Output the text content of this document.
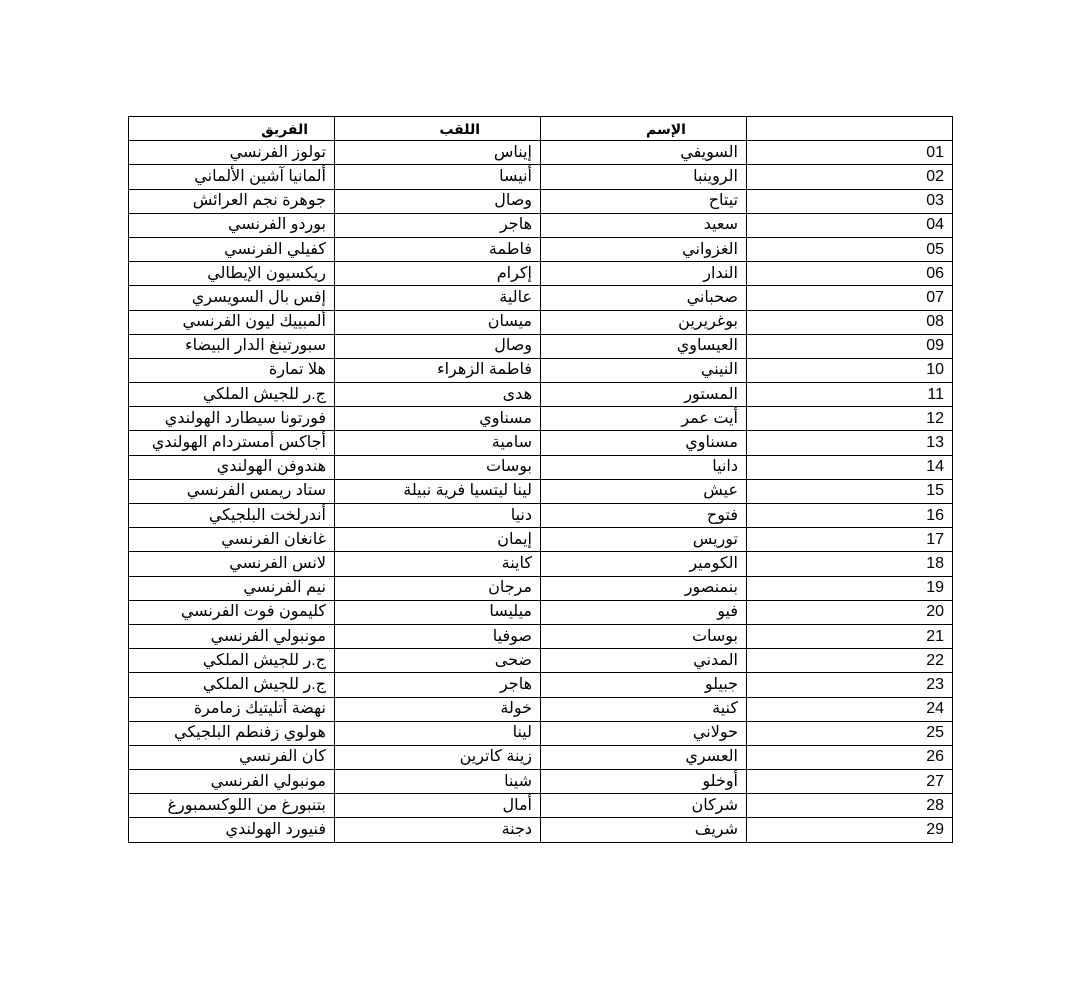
الفريق	اللقب	الإسم	
تولوز الفرنسي	إيناس	السويفي	01
ألمانيا آشين الألماني	أنيسا	الروينبا	02
جوهرة نجم العرائش	وصال	تيتاح	03
بوردو الفرنسي	هاجر	سعيد	04
كفيلي الفرنسي	فاطمة	الغزواني	05
ريكسيون الإيطالي	إكرام	الندار	06
إفس بال السويسري	عالية	صحباني	07
ألمبييك ليون الفرنسي	ميسان	بوغريرين	08
سبورتينغ الدار البيضاء	وصال	العيساوي	09
هلا تمارة	فاطمة الزهراء	النيني	10
ج.ر للجيش الملكي	هدى	المستور	11
فورتونا سيطارد الهولندي	مسناوي	أيت عمر	12
أجاكس أمستردام الهولندي	سامية	مسناوي	13
هندوفن الهولندي	بوسات	دانيا	14
ستاد ريمس الفرنسي	لينا ليتسيا فرية نبيلة	عيش	15
أندرلخت البلجيكي	دنيا	فتوح	16
غانغان الفرنسي	إيمان	توريس	17
لانس الفرنسي	كاينة	الكومير	18
نيم الفرنسي	مرجان	بنمنصور	19
كليمون فوت الفرنسي	ميليسا	فيو	20
مونبولي الفرنسي	صوفيا	بوسات	21
ج.ر للجيش الملكي	ضحى	المدني	22
ج.ر للجيش الملكي	هاجر	جبيلو	23
نهضة أتليتيك زمامرة	خولة	كنية	24
هولوي زفنطم البلجيكي	لينا	حولاني	25
كان الفرنسي	زينة كاترين	العسري	26
مونبولي الفرنسي	شينا	أوخلو	27
بتنبورغ من اللوكسمبورغ	أمال	شركان	28
فنيورد الهولندي	دجنة	شريف	29
